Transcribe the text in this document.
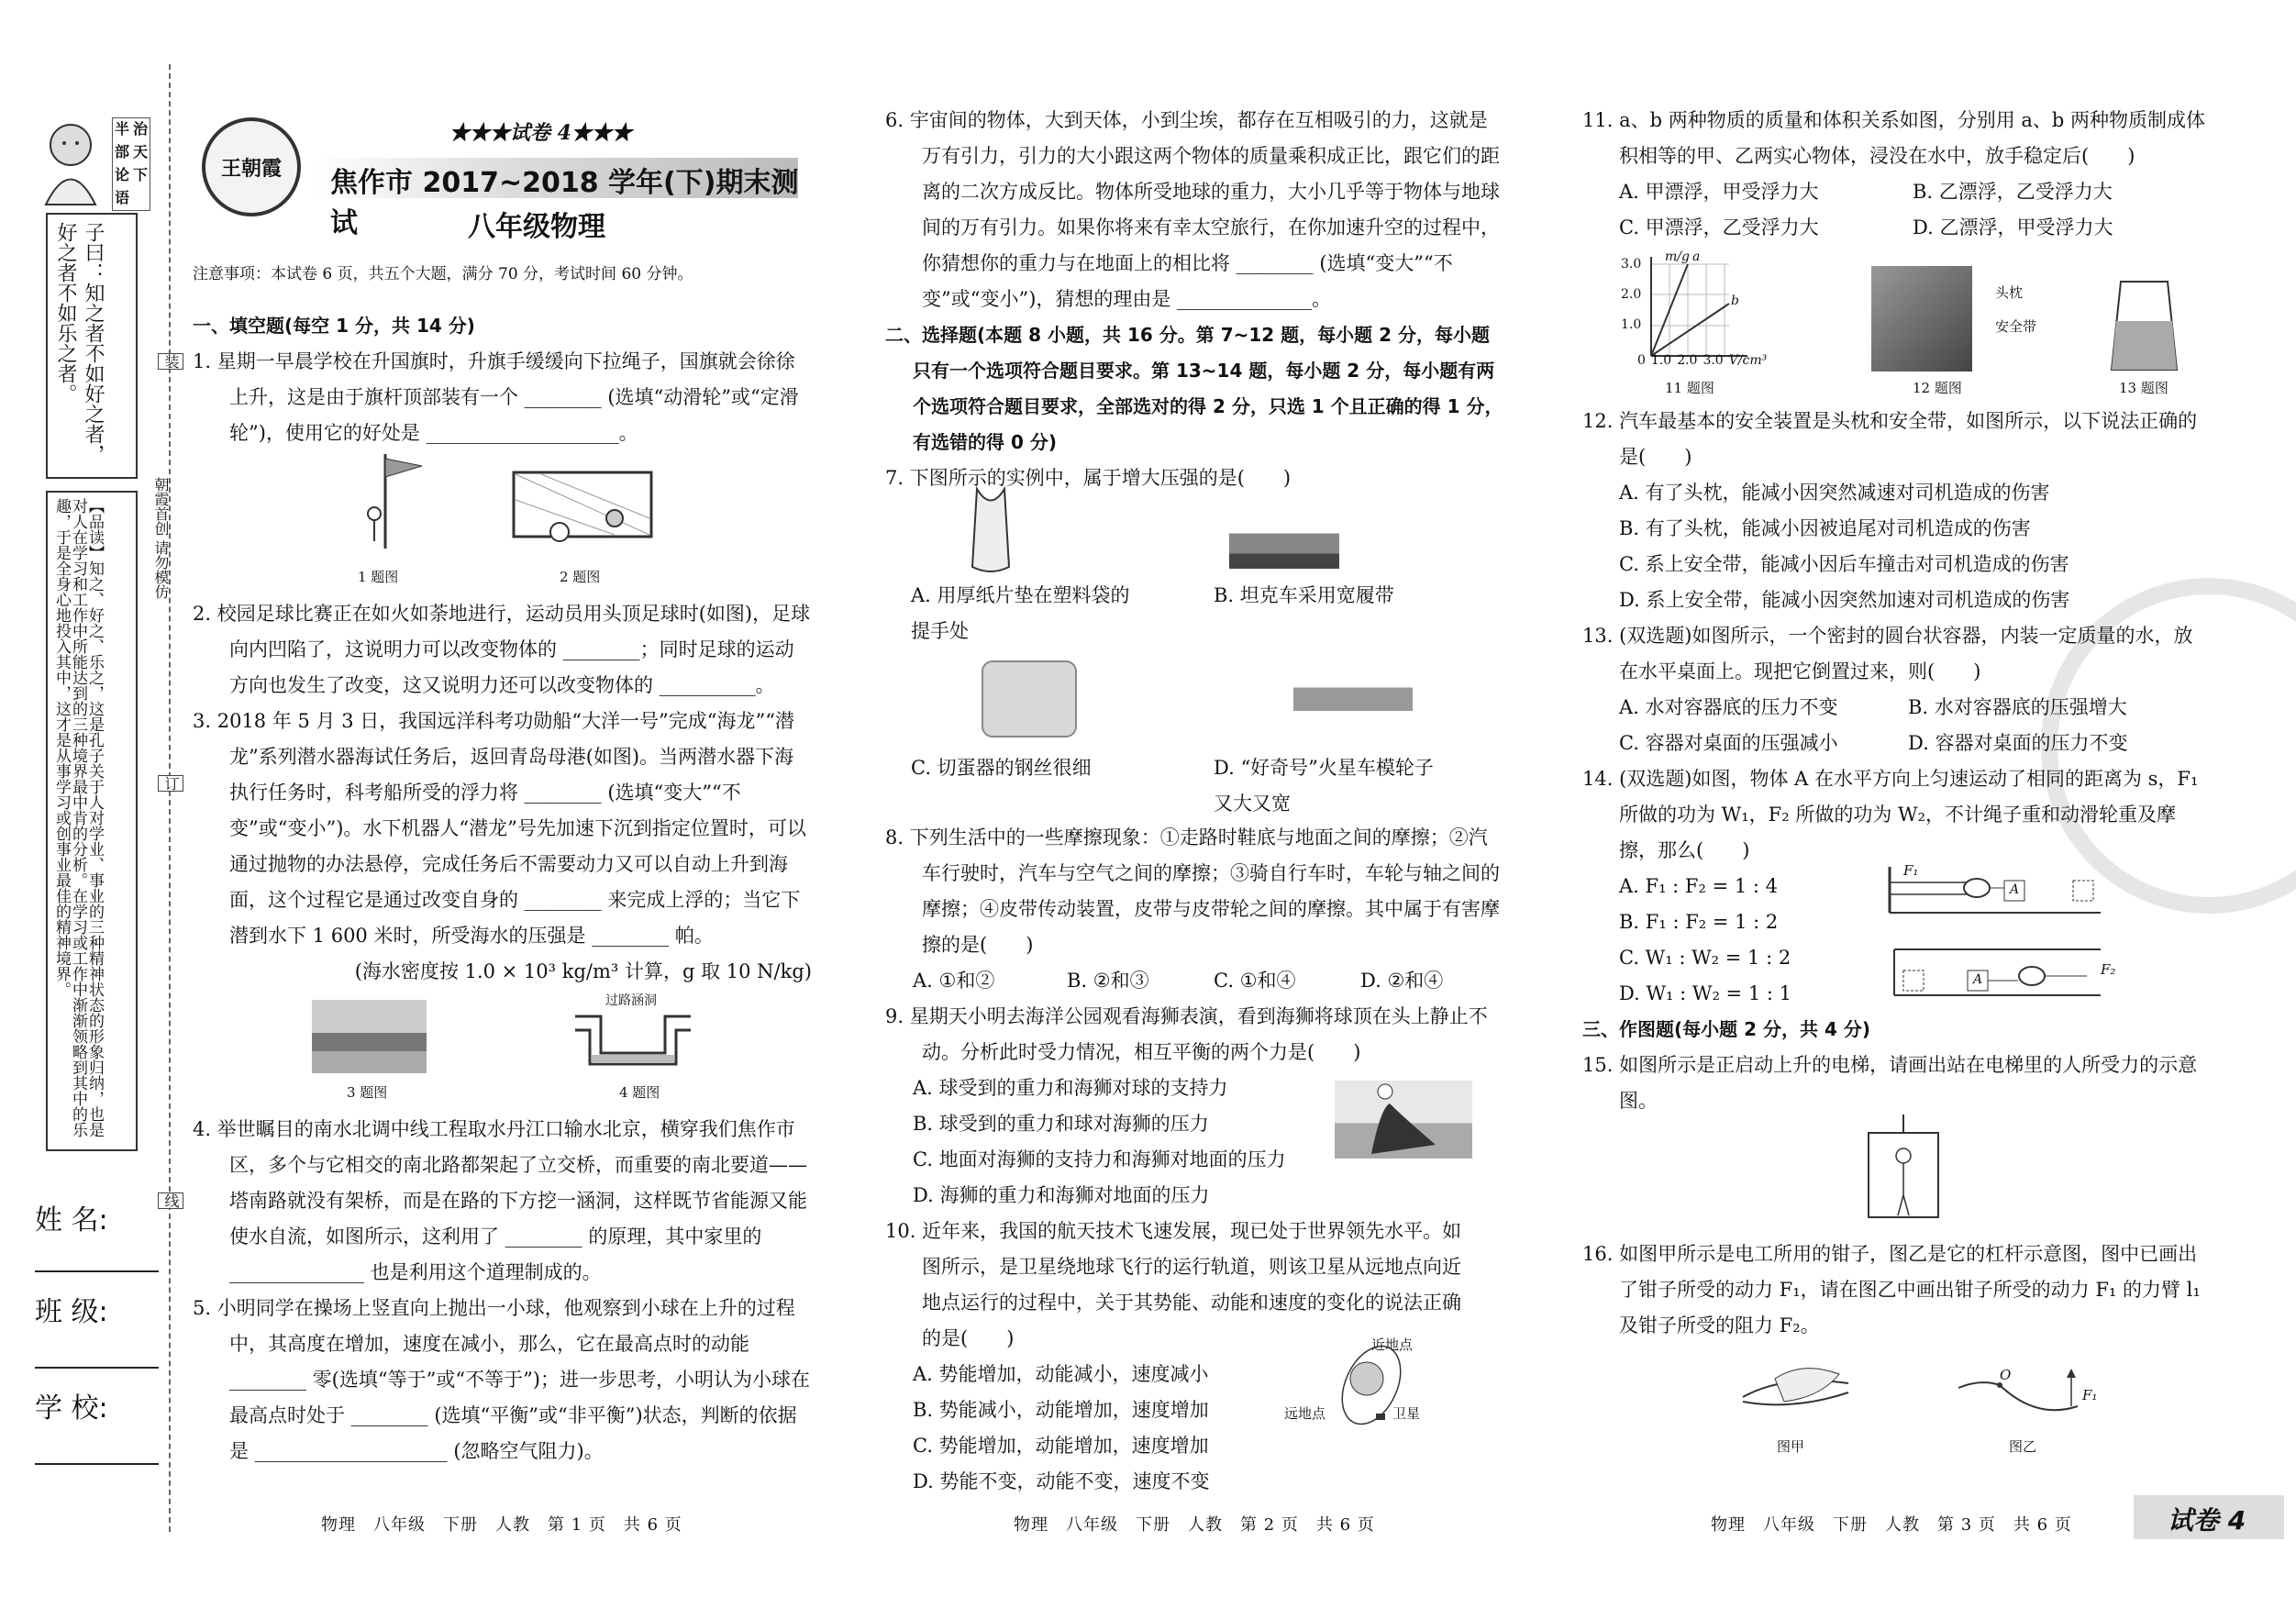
半 治
部 天
论 下
语
子曰：知之者不如好之者，好之者不如乐之者。
【品读】知之、好之、乐之，这是孔子关于人对学业、事业的三种精神状态的形象归纳，也是对人在学习和工作中所能达到的三种境界最中肯的分析。在学习或工作中渐渐领略到其中的乐趣，于是全身心地投入其中，这才是从事学习或创事业最佳的精神境界。
装
朝霞首创 请勿模仿
订
线
姓 名:
班 级:
学 校:
王朝霞
★★★试卷 4★★★
焦作市 2017~2018 学年(下)期末测试	八年级物理
注意事项：本试卷 6 页，共五个大题，满分 70 分，考试时间 60 分钟。

一、填空题(每空 1 分，共 14 分)

1. 星期一早晨学校在升国旗时，升旗手缓缓向下拉绳子，国旗就会徐徐上升，这是由于旗杆顶部装有一个 ________ (选填“动滑轮”或“定滑轮”)，使用它的好处是 ____________________。

1 题图	2 题图

2. 校园足球比赛正在如火如荼地进行，运动员用头顶足球时(如图)，足球向内凹陷了，这说明力可以改变物体的 ________；同时足球的运动方向也发生了改变，这又说明力还可以改变物体的 __________。

3. 2018 年 5 月 3 日，我国远洋科考功勋船“大洋一号”完成“海龙”“潜龙”系列潜水器海试任务后，返回青岛母港(如图)。当两潜水器下海执行任务时，科考船所受的浮力将 ________ (选填“变大”“不变”或“变小”)。水下机器人“潜龙”号先加速下沉到指定位置时，可以通过抛物的办法悬停，完成任务后不需要动力又可以自动上升到海面，这个过程它是通过改变自身的 ________ 来完成上浮的；当它下潜到水下 1 600 米时，所受海水的压强是 ________ 帕。

(海水密度按 1.0 × 10³ kg/m³ 计算，g 取 10 N/kg)

3 题图
过路涵洞
4 题图

4. 举世瞩目的南水北调中线工程取水丹江口输水北京，横穿我们焦作市区，多个与它相交的南北路都架起了立交桥，而重要的南北要道——塔南路就没有架桥，而是在路的下方挖一涵洞，这样既节省能源又能使水自流，如图所示，这利用了 ________ 的原理，其中家里的 ______________ 也是利用这个道理制成的。

5. 小明同学在操场上竖直向上抛出一小球，他观察到小球在上升的过程中，其高度在增加，速度在减小，那么，它在最高点时的动能 ________ 零(选填“等于”或“不等于”)；进一步思考，小明认为小球在最高点时处于 ________ (选填“平衡”或“非平衡”)状态，判断的依据是 ____________________ (忽略空气阻力)。

物理　八年级　下册　人教　第 1 页　共 6 页

6. 宇宙间的物体，大到天体，小到尘埃，都存在互相吸引的力，这就是万有引力，引力的大小跟这两个物体的质量乘积成正比，跟它们的距离的二次方成反比。物体所受地球的重力，大小几乎等于物体与地球间的万有引力。如果你将来有幸太空旅行，在你加速升空的过程中，你猜想你的重力与在地面上的相比将 ________ (选填“变大”“不变”或“变小”)，猜想的理由是 ______________。

二、选择题(本题 8 小题，共 16 分。第 7~12 题，每小题 2 分，每小题只有一个选项符合题目要求。第 13~14 题，每小题 2 分，每小题有两个选项符合题目要求，全部选对的得 2 分，只选 1 个且正确的得 1 分，有选错的得 0 分)

7. 下图所示的实例中，属于增大压强的是(　　)

A. 用厚纸片垫在塑料袋的提手处

B. 坦克车采用宽履带

C. 切蛋器的钢丝很细	D. “好奇号”火星车模轮子又大又宽

8. 下列生活中的一些摩擦现象：①走路时鞋底与地面之间的摩擦；②汽车行驶时，汽车与空气之间的摩擦；③骑自行车时，车轮与轴之间的摩擦；④皮带传动装置，皮带与皮带轮之间的摩擦。其中属于有害摩擦的是(　　)

A. ①和②	B. ②和③	C. ①和④	D. ②和④

9. 星期天小明去海洋公园观看海狮表演，看到海狮将球顶在头上静止不动。分析此时受力情况，相互平衡的两个力是(　　)

A. 球受到的重力和海狮对球的支持力

B. 球受到的重力和球对海狮的压力

C. 地面对海狮的支持力和海狮对地面的压力

D. 海狮的重力和海狮对地面的压力

10. 近年来，我国的航天技术飞速发展，现已处于世界领先水平。如图所示，是卫星绕地球飞行的运行轨道，则该卫星从远地点向近地点运行的过程中，关于其势能、动能和速度的变化的说法正确的是(　　)

A. 势能增加，动能减小，速度减小

B. 势能减小，动能增加，速度增加

C. 势能增加，动能增加，速度增加

D. 势能不变，动能不变，速度不变

近地点
远地点	卫星
物理　八年级　下册　人教　第 2 页　共 6 页

11. a、b 两种物质的质量和体积关系如图，分别用 a、b 两种物质制成体积相等的甲、乙两实心物体，浸没在水中，放手稳定后(　　)

A. 甲漂浮，甲受浮力大	B. 乙漂浮，乙受浮力大
C. 甲漂浮，乙受浮力大	D. 乙漂浮，甲受浮力大
m/g a
b
3.0
2.0
1.0
0 1.0 2.0 3.0 V/cm³
11 题图
头枕
安全带
12 题图	13 题图

12. 汽车最基本的安全装置是头枕和安全带，如图所示，以下说法正确的是(　　)

A. 有了头枕，能减小因突然减速对司机造成的伤害

B. 有了头枕，能减小因被追尾对司机造成的伤害

C. 系上安全带，能减小因后车撞击对司机造成的伤害

D. 系上安全带，能减小因突然加速对司机造成的伤害

13. (双选题)如图所示，一个密封的圆台状容器，内装一定质量的水，放在水平桌面上。现把它倒置过来，则(　　)

A. 水对容器底的压力不变	B. 水对容器底的压强增大
C. 容器对桌面的压强减小	D. 容器对桌面的压力不变

14. (双选题)如图，物体 A 在水平方向上匀速运动了相同的距离为 s，F₁ 所做的功为 W₁，F₂ 所做的功为 W₂，不计绳子重和动滑轮重及摩擦，那么(　　)

A. F₁ : F₂ = 1 : 4

B. F₁ : F₂ = 1 : 2

C. W₁ : W₂ = 1 : 2

D. W₁ : W₂ = 1 : 1

三、作图题(每小题 2 分，共 4 分)

15. 如图所示是正启动上升的电梯，请画出站在电梯里的人所受力的示意图。

F₁
F₂
A
A

16. 如图甲所示是电工所用的钳子，图乙是它的杠杆示意图，图中已画出了钳子所受的动力 F₁，请在图乙中画出钳子所受的动力 F₁ 的力臂 l₁ 及钳子所受的阻力 F₂。

图甲
O
F₁
图乙
物理　八年级　下册　人教　第 3 页　共 6 页	试卷 4
